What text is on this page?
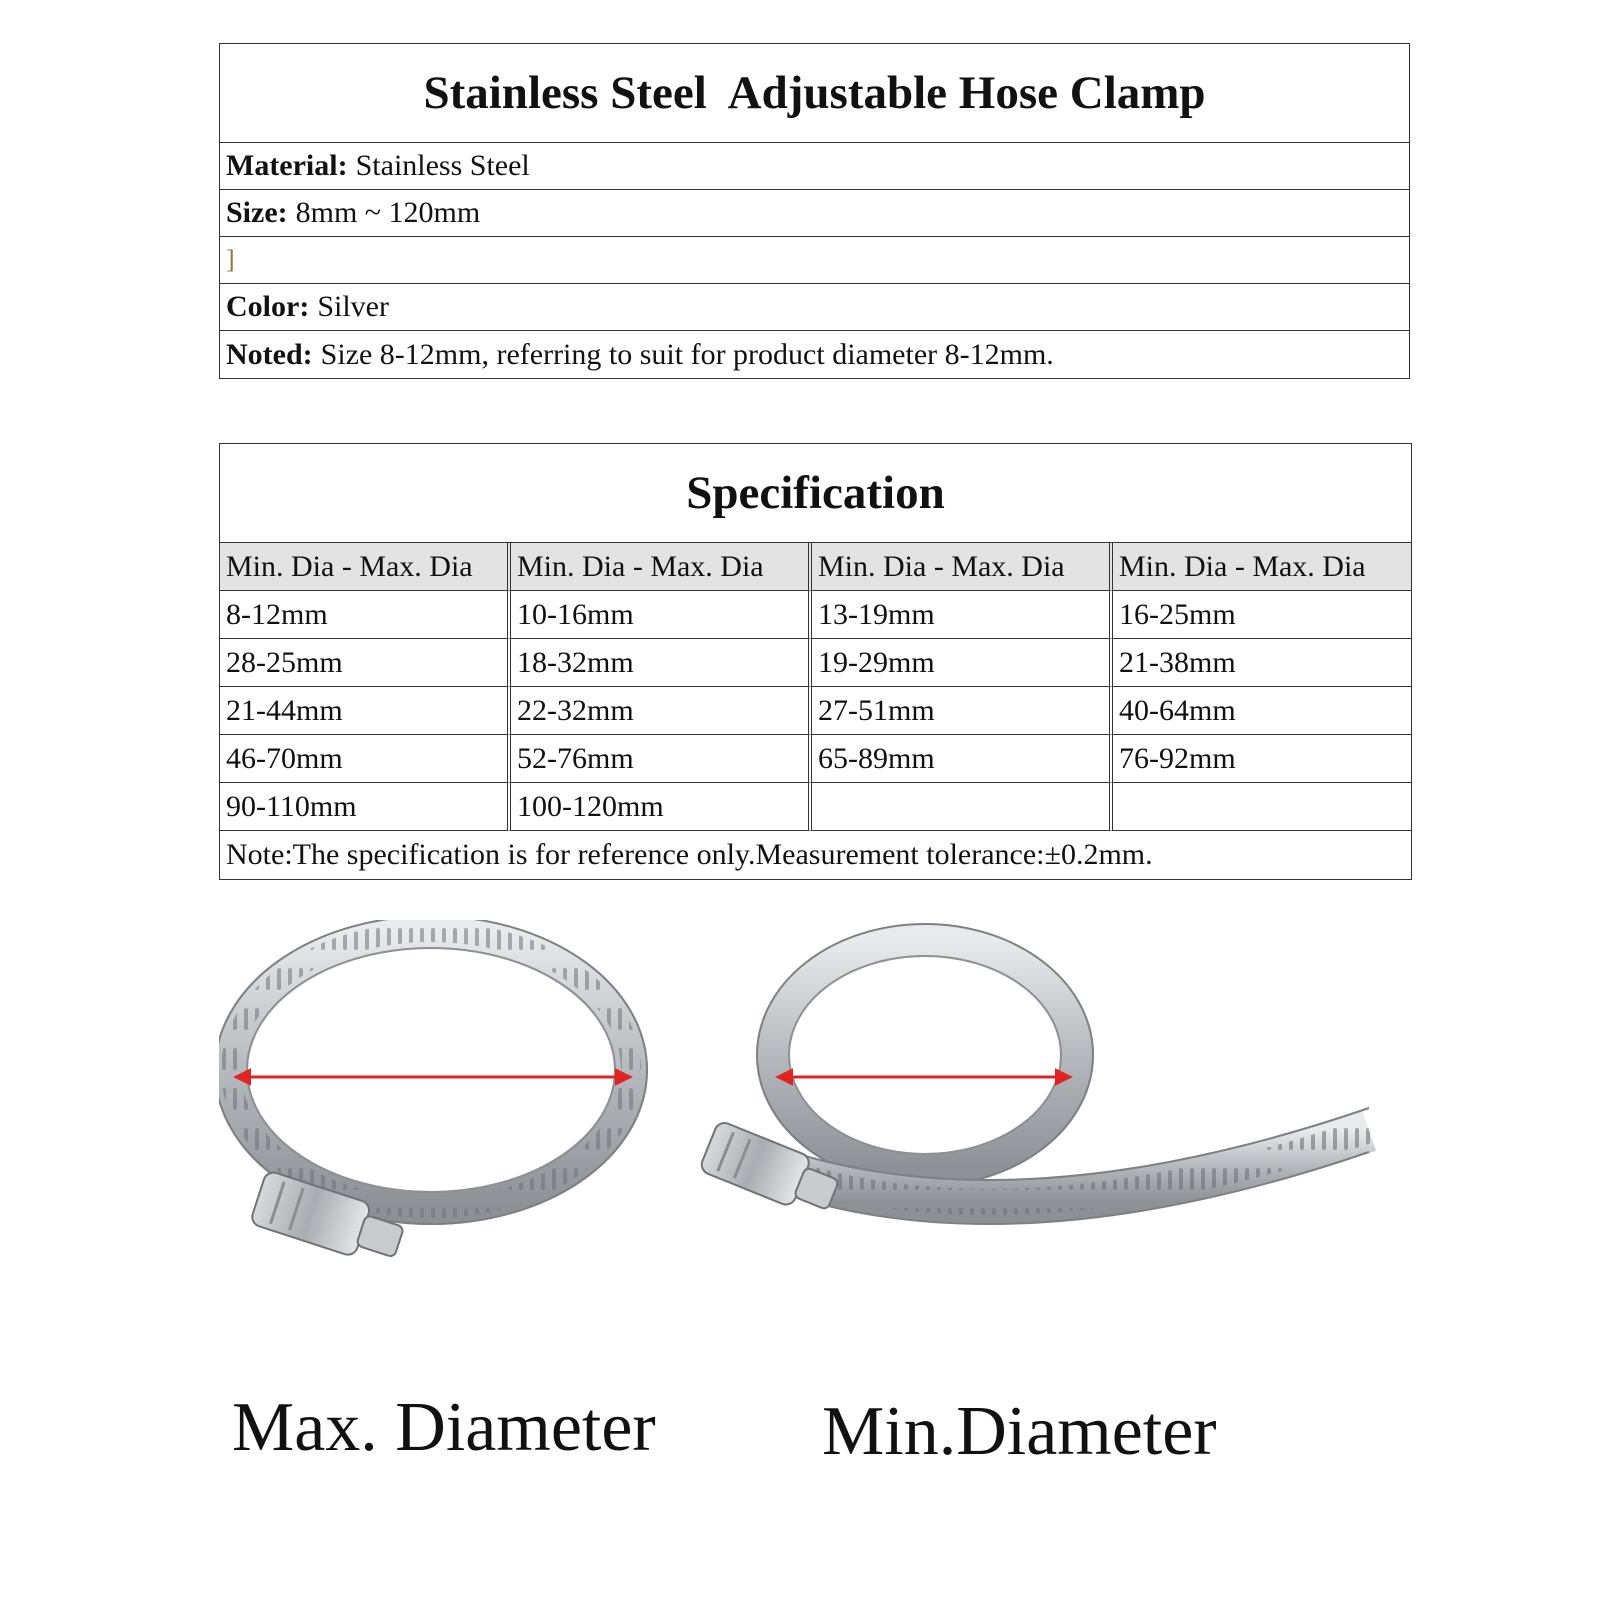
Stainless Steel  Adjustable Hose Clamp
Material: Stainless Steel
Size: 8mm ~ 120mm
]
Color: Silver
Noted: Size 8-12mm, referring to suit for product diameter 8-12mm.
Specification
Min. Dia - Max. Dia	Min. Dia - Max. Dia	Min. Dia - Max. Dia	Min. Dia - Max. Dia
8-12mm	10-16mm	13-19mm	16-25mm
28-25mm	18-32mm	19-29mm	21-38mm
21-44mm	22-32mm	27-51mm	40-64mm
46-70mm	52-76mm	65-89mm	76-92mm
90-110mm	100-120mm
Note:The specification is for reference only.Measurement tolerance:±0.2mm.
Max. Diameter Min.Diameter
